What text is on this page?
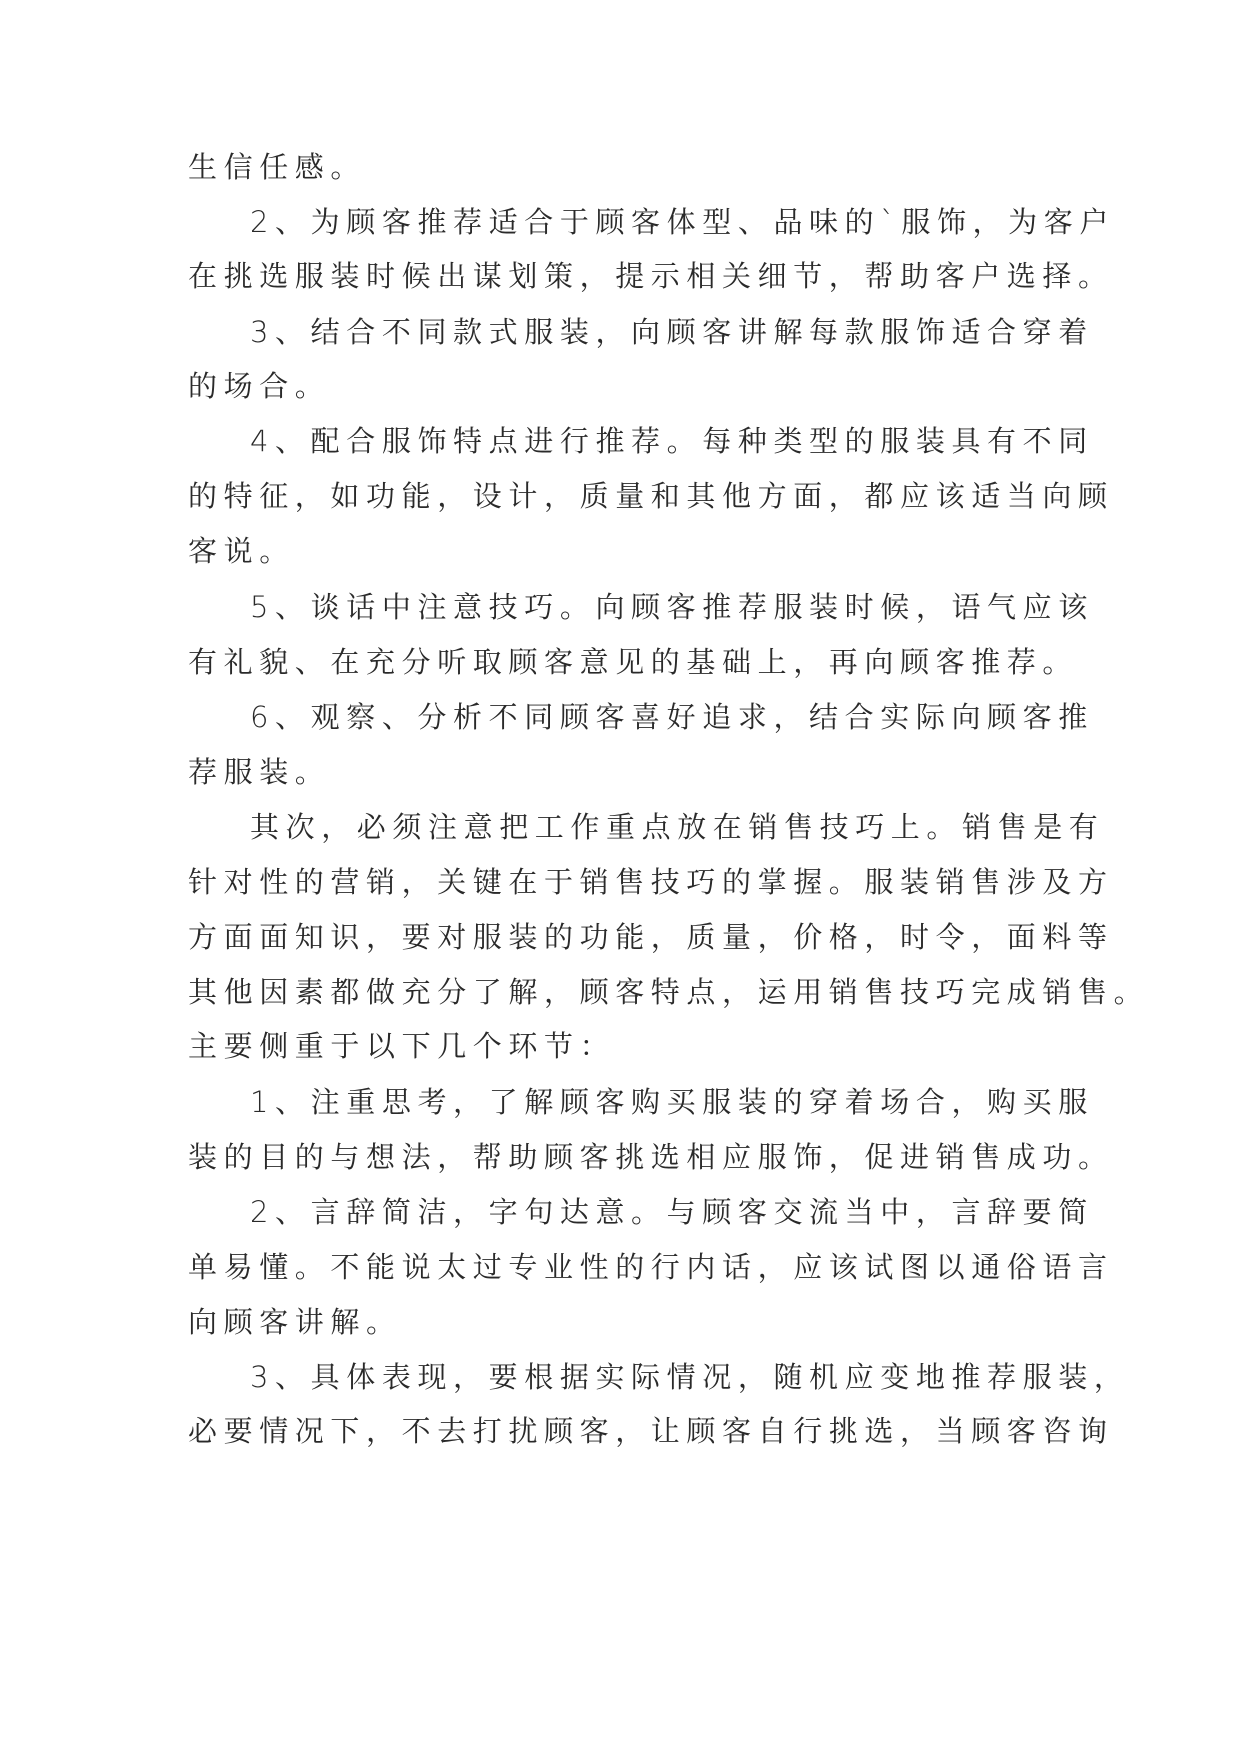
生信任感。

2、为顾客推荐适合于顾客体型、品味的`服饰，为客户

在挑选服装时候出谋划策，提示相关细节，帮助客户选择。

3、结合不同款式服装，向顾客讲解每款服饰适合穿着

的场合。

4、配合服饰特点进行推荐。每种类型的服装具有不同

的特征，如功能，设计，质量和其他方面，都应该适当向顾

客说。

5、谈话中注意技巧。向顾客推荐服装时候，语气应该

有礼貌、在充分听取顾客意见的基础上，再向顾客推荐。

6、观察、分析不同顾客喜好追求，结合实际向顾客推

荐服装。

其次，必须注意把工作重点放在销售技巧上。销售是有

针对性的营销，关键在于销售技巧的掌握。服装销售涉及方

方面面知识，要对服装的功能，质量，价格，时令，面料等

其他因素都做充分了解，顾客特点，运用销售技巧完成销售。

主要侧重于以下几个环节：

1、注重思考，了解顾客购买服装的穿着场合，购买服

装的目的与想法，帮助顾客挑选相应服饰，促进销售成功。

2、言辞简洁，字句达意。与顾客交流当中，言辞要简

单易懂。不能说太过专业性的行内话，应该试图以通俗语言

向顾客讲解。

3、具体表现，要根据实际情况，随机应变地推荐服装，

必要情况下，不去打扰顾客，让顾客自行挑选，当顾客咨询
